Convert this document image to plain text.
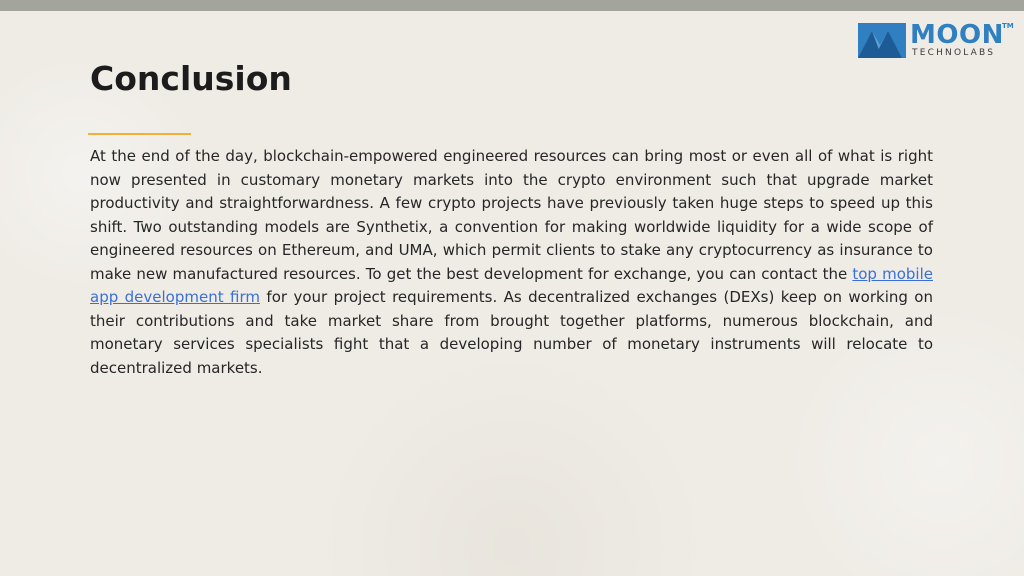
MOON
TM
TECHNOLABS
Conclusion

At the end of the day, blockchain-empowered engineered resources can bring most or even all of what is right now presented in customary monetary markets into the crypto environment such that upgrade market productivity and straightforwardness. A few crypto projects have previously taken huge steps to speed up this shift. Two outstanding models are Synthetix, a convention for making worldwide liquidity for a wide scope of engineered resources on Ethereum, and UMA, which permit clients to stake any cryptocurrency as insurance to make new manufactured resources. To get the best development for exchange, you can contact the top mobile app development firm for your project requirements. As decentralized exchanges (DEXs) keep on working on their contributions and take market share from brought together platforms, numerous blockchain, and monetary services specialists fight that a developing number of monetary instruments will relocate to decentralized markets.
